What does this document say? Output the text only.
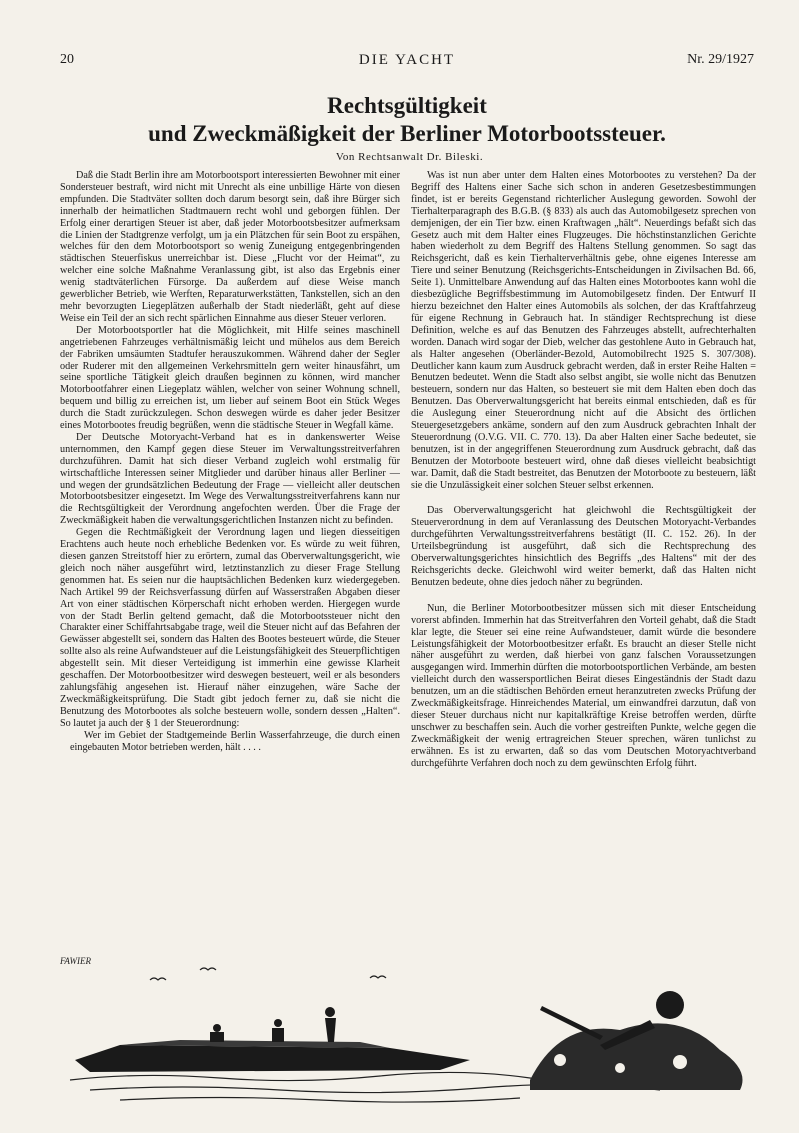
20	DIE YACHT	Nr. 29/1927
Rechtsgültigkeit
und Zweckmäßigkeit der Berliner Motorbootssteuer.
Von Rechtsanwalt Dr. Bileski.

Daß die Stadt Berlin ihre am Motorbootsport interessierten Bewohner mit einer Sondersteuer bestraft, wird nicht mit Unrecht als eine unbillige Härte von diesen empfunden. Die Stadtväter sollten doch darum besorgt sein, daß ihre Bürger sich innerhalb der heimatlichen Stadtmauern recht wohl und geborgen fühlen. Der Erfolg einer derartigen Steuer ist aber, daß jeder Motorbootsbesitzer aufmerksam die Linien der Stadtgrenze verfolgt, um ja ein Plätzchen für sein Boot zu erspähen, welches für den dem Motorbootsport so wenig Zuneigung entgegenbringenden städtischen Steuerfiskus unerreichbar ist. Diese „Flucht vor der Heimat“, zu welcher eine solche Maßnahme Veranlassung gibt, ist also das Ergebnis einer wenig stadtväterlichen Fürsorge. Da außerdem auf diese Weise manch gewerblicher Betrieb, wie Werften, Reparaturwerkstätten, Tankstellen, sich an den mehr bevorzugten Liegeplätzen außerhalb der Stadt niederläßt, geht auf diese Weise ein Teil der an sich recht spärlichen Einnahme aus dieser Steuer verloren.

Der Motorbootsportler hat die Möglichkeit, mit Hilfe seines maschinell angetriebenen Fahrzeuges verhältnismäßig leicht und mühelos aus dem Bereich der Fabriken umsäumten Stadtufer herauszukommen. Während daher der Segler oder Ruderer mit den allgemeinen Verkehrsmitteln gern weiter hinausfährt, um seine sportliche Tätigkeit gleich draußen beginnen zu können, wird mancher Motorbootfahrer einen Liegeplatz wählen, welcher von seiner Wohnung schnell, bequem und billig zu erreichen ist, um lieber auf seinem Boot ein Stück Weges durch die Stadt zurückzulegen. Schon deswegen würde es daher jeder Besitzer eines Motorbootes freudig begrüßen, wenn die städtische Steuer in Wegfall käme.

Der Deutsche Motoryacht-Verband hat es in dankenswerter Weise unternommen, den Kampf gegen diese Steuer im Verwaltungsstreitverfahren durchzuführen. Damit hat sich dieser Verband zugleich wohl erstmalig für wirtschaftliche Interessen seiner Mitglieder und darüber hinaus aller Berliner — und wegen der grundsätzlichen Bedeutung der Frage — vielleicht aller deutschen Motorbootsbesitzer eingesetzt. Im Wege des Verwaltungsstreitverfahrens kann nur die Rechtsgültigkeit der Verordnung angefochten werden. Über die Frage der Zweckmäßigkeit haben die verwaltungsgerichtlichen Instanzen nicht zu befinden.

Gegen die Rechtmäßigkeit der Verordnung lagen und liegen diesseitigen Erachtens auch heute noch erhebliche Bedenken vor. Es würde zu weit führen, diesen ganzen Streitstoff hier zu erörtern, zumal das Oberverwaltungsgericht, wie gleich noch näher ausgeführt wird, letztinstanzlich zu dieser Frage Stellung genommen hat. Es seien nur die hauptsächlichen Bedenken kurz wiedergegeben. Nach Artikel 99 der Reichsverfassung dürfen auf Wasserstraßen Abgaben dieser Art von einer städtischen Körperschaft nicht erhoben werden. Hiergegen wurde von der Stadt Berlin geltend gemacht, daß die Motorbootssteuer nicht den Charakter einer Schiffahrtsabgabe trage, weil die Steuer nicht auf das Befahren der Gewässer abgestellt sei, sondern das Halten des Bootes besteuert würde, die Steuer sollte also als reine Aufwandsteuer auf die Leistungsfähigkeit des Steuerpflichtigen abgestellt sein. Mit dieser Verteidigung ist immerhin eine gewisse Klarheit geschaffen. Der Motorbootbesitzer wird deswegen besteuert, weil er als besonders zahlungsfähig angesehen ist. Hierauf näher einzugehen, wäre Sache der Zweckmäßigkeitsprüfung. Die Stadt gibt jedoch ferner zu, daß sie nicht die Benutzung des Motorbootes als solche besteuern wolle, sondern dessen „Halten“. So lautet ja auch der § 1 der Steuerordnung:

Wer im Gebiet der Stadtgemeinde Berlin Wasserfahrzeuge, die durch einen eingebauten Motor betrieben werden, hält . . . .

Was ist nun aber unter dem Halten eines Motorbootes zu verstehen? Da der Begriff des Haltens einer Sache sich schon in anderen Gesetzesbestimmungen findet, ist er bereits Gegenstand richterlicher Auslegung geworden. Sowohl der Tierhalterparagraph des B.G.B. (§ 833) als auch das Automobilgesetz sprechen von demjenigen, der ein Tier bzw. einen Kraftwagen „hält“. Neuerdings befaßt sich das Gesetz auch mit dem Halter eines Flugzeuges. Die höchstinstanzlichen Gerichte haben wiederholt zu dem Begriff des Haltens Stellung genommen. So sagt das Reichsgericht, daß es kein Tierhalterverhältnis gebe, ohne eigenes Interesse am Tiere und seiner Benutzung (Reichsgerichts-Entscheidungen in Zivilsachen Bd. 66, Seite 1). Unmittelbare Anwendung auf das Halten eines Motorbootes kann wohl die diesbezügliche Begriffsbestimmung im Automobilgesetz finden. Der Entwurf II hierzu bezeichnet den Halter eines Automobils als solchen, der das Kraftfahrzeug für eigene Rechnung in Gebrauch hat. In ständiger Rechtsprechung ist diese Definition, welche es auf das Benutzen des Fahrzeuges abstellt, aufrechterhalten worden. Danach wird sogar der Dieb, welcher das gestohlene Auto in Gebrauch hat, als Halter angesehen (Oberländer-Bezold, Automobilrecht 1925 S. 307/308). Deutlicher kann kaum zum Ausdruck gebracht werden, daß in erster Reihe Halten = Benutzen bedeutet. Wenn die Stadt also selbst angibt, sie wolle nicht das Benutzen besteuern, sondern nur das Halten, so besteuert sie mit dem Halten eben doch das Benutzen. Das Oberverwaltungsgericht hat bereits einmal entschieden, daß es für die Auslegung einer Steuerordnung nicht auf die Absicht des örtlichen Steuergesetzgebers ankäme, sondern auf den zum Ausdruck gebrachten Inhalt der Steuerordnung (O.V.G. VII. C. 770. 13). Da aber Halten einer Sache bedeutet, sie benutzen, ist in der angegriffenen Steuerordnung zum Ausdruck gebracht, daß das Benutzen der Motorboote besteuert wird, ohne daß dieses vielleicht beabsichtigt war. Damit, daß die Stadt bestreitet, das Benutzen der Motorboote zu besteuern, läßt sie die Unzulässigkeit einer solchen Steuer selbst erkennen.

Das Oberverwaltungsgericht hat gleichwohl die Rechtsgültigkeit der Steuerverordnung in dem auf Veranlassung des Deutschen Motoryacht-Verbandes durchgeführten Verwaltungsstreitverfahrens bestätigt (II. C. 152. 26). In der Urteilsbegründung ist ausgeführt, daß sich die Rechtsprechung des Oberverwaltungsgerichtes hinsichtlich des Begriffs „des Haltens“ mit der des Reichsgerichts decke. Gleichwohl wird weiter bemerkt, daß das Halten nicht Benutzen bedeute, ohne dies jedoch näher zu begründen.

Nun, die Berliner Motorbootbesitzer müssen sich mit dieser Entscheidung vorerst abfinden. Immerhin hat das Streitverfahren den Vorteil gehabt, daß die Stadt klar legte, die Steuer sei eine reine Aufwandsteuer, damit würde die besondere Leistungsfähigkeit der Motorbootbesitzer erfaßt. Es braucht an dieser Stelle nicht näher ausgeführt zu werden, daß hierbei von ganz falschen Voraussetzungen ausgegangen wird. Immerhin dürften die motorbootsportlichen Verbände, am besten vielleicht durch den wassersportlichen Beirat dieses Eingeständnis der Stadt dazu benutzen, um an die städtischen Behörden erneut heranzutreten zwecks Prüfung der Zweckmäßigkeitsfrage. Hinreichendes Material, um einwandfrei darzutun, daß von dieser Steuer durchaus nicht nur kapitalkräftige Kreise betroffen werden, dürfte unschwer zu beschaffen sein. Auch die vorher gestreiften Punkte, welche gegen die Zweckmäßigkeit der wenig ertragreichen Steuer sprechen, wären tunlichst zu erwähnen. Es ist zu erwarten, daß so das vom Deutschen Motoryachtverband durchgeführte Verfahren doch noch zu dem gewünschten Erfolg führt.

FAWIER
